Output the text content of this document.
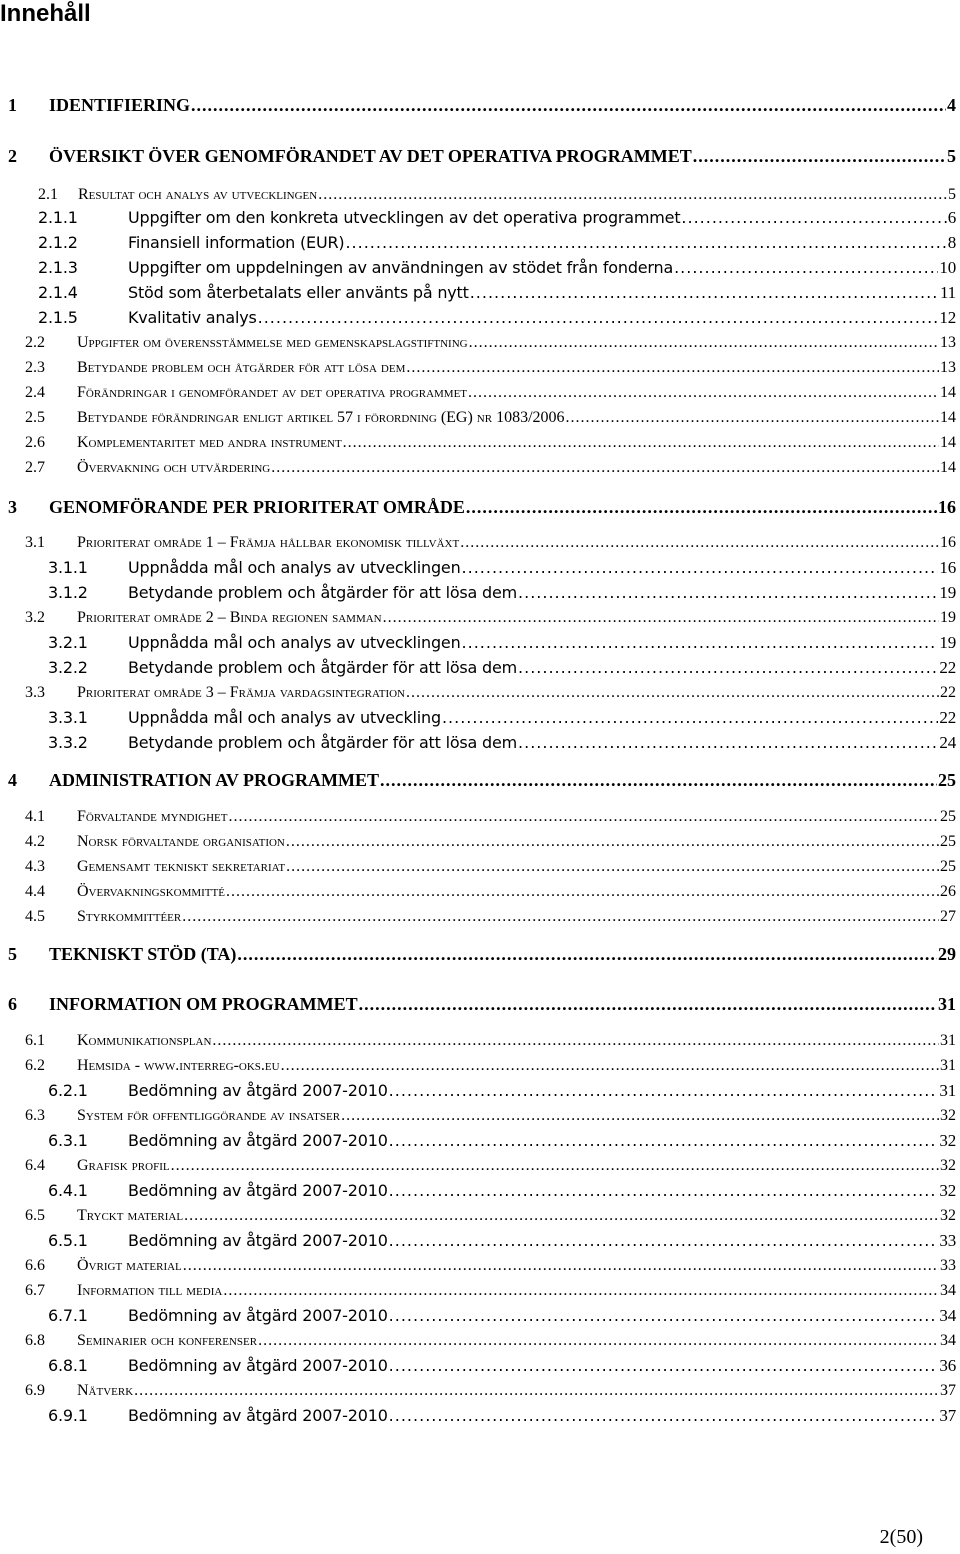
Innehåll
1 IDENTIFIERING .....	4
2 ÖVERSIKT ÖVER GENOMFÖRANDET AV DET OPERATIVA PROGRAMMET .....	5
2.1 Resultat och analys av utvecklingen .....	5
2.1.1	Uppgifter om den konkreta utvecklingen av det operativa programmet .....	6
2.1.2	Finansiell information (EUR) .....	8
2.1.3	Uppgifter om uppdelningen av användningen av stödet från fonderna .....	10
2.1.4	Stöd som återbetalats eller använts på nytt .....	11
2.1.5	Kvalitativ analys .....	12
2.2 Uppgifter om överensstämmelse med gemenskapslagstiftning .....	13
2.3 Betydande problem och åtgärder för att lösa dem .....	13
2.4 Förändringar i genomförandet av det operativa programmet .....	14
2.5 Betydande förändringar enligt artikel 57 i förordning (EG) nr 1083/2006 .....	14
2.6 Komplementaritet med andra instrument .....	14
2.7 Övervakning och utvärdering .....	14
3 GENOMFÖRANDE PER PRIORITERAT OMRÅDE .....	16
3.1 Prioriterat område 1 – Främja hållbar ekonomisk tillväxt .....	16
3.1.1	Uppnådda mål och analys av utvecklingen .....	16
3.1.2	Betydande problem och åtgärder för att lösa dem .....	19
3.2 Prioriterat område 2 – Binda regionen samman .....	19
3.2.1	Uppnådda mål och analys av utvecklingen .....	19
3.2.2	Betydande problem och åtgärder för att lösa dem .....	22
3.3 Prioriterat område 3 – Främja vardagsintegration .....	22
3.3.1	Uppnådda mål och analys av utveckling .....	22
3.3.2	Betydande problem och åtgärder för att lösa dem .....	24
4 ADMINISTRATION AV PROGRAMMET .....	25
4.1 Förvaltande myndighet .....	25
4.2 Norsk förvaltande organisation .....	25
4.3 Gemensamt tekniskt sekretariat .....	25
4.4 Övervakningskommitté .....	26
4.5 Styrkommittéer .....	27
5 TEKNISKT STÖD (TA) .....	29
6 INFORMATION OM PROGRAMMET .....	31
6.1 Kommunikationsplan .....	31
6.2 Hemsida - www.interreg-oks.eu .....	31
6.2.1	Bedömning av åtgärd 2007-2010 .....	31
6.3 System för offentliggörande av insatser .....	32
6.3.1	Bedömning av åtgärd 2007-2010 .....	32
6.4 Grafisk profil .....	32
6.4.1	Bedömning av åtgärd 2007-2010 .....	32
6.5 Tryckt material .....	32
6.5.1	Bedömning av åtgärd 2007-2010 .....	33
6.6 Övrigt material .....	33
6.7 Information till media .....	34
6.7.1	Bedömning av åtgärd 2007-2010 .....	34
6.8 Seminarier och konferenser .....	34
6.8.1	Bedömning av åtgärd 2007-2010 .....	36
6.9 Nätverk .....	37
6.9.1	Bedömning av åtgärd 2007-2010 .....	37
2(50)
